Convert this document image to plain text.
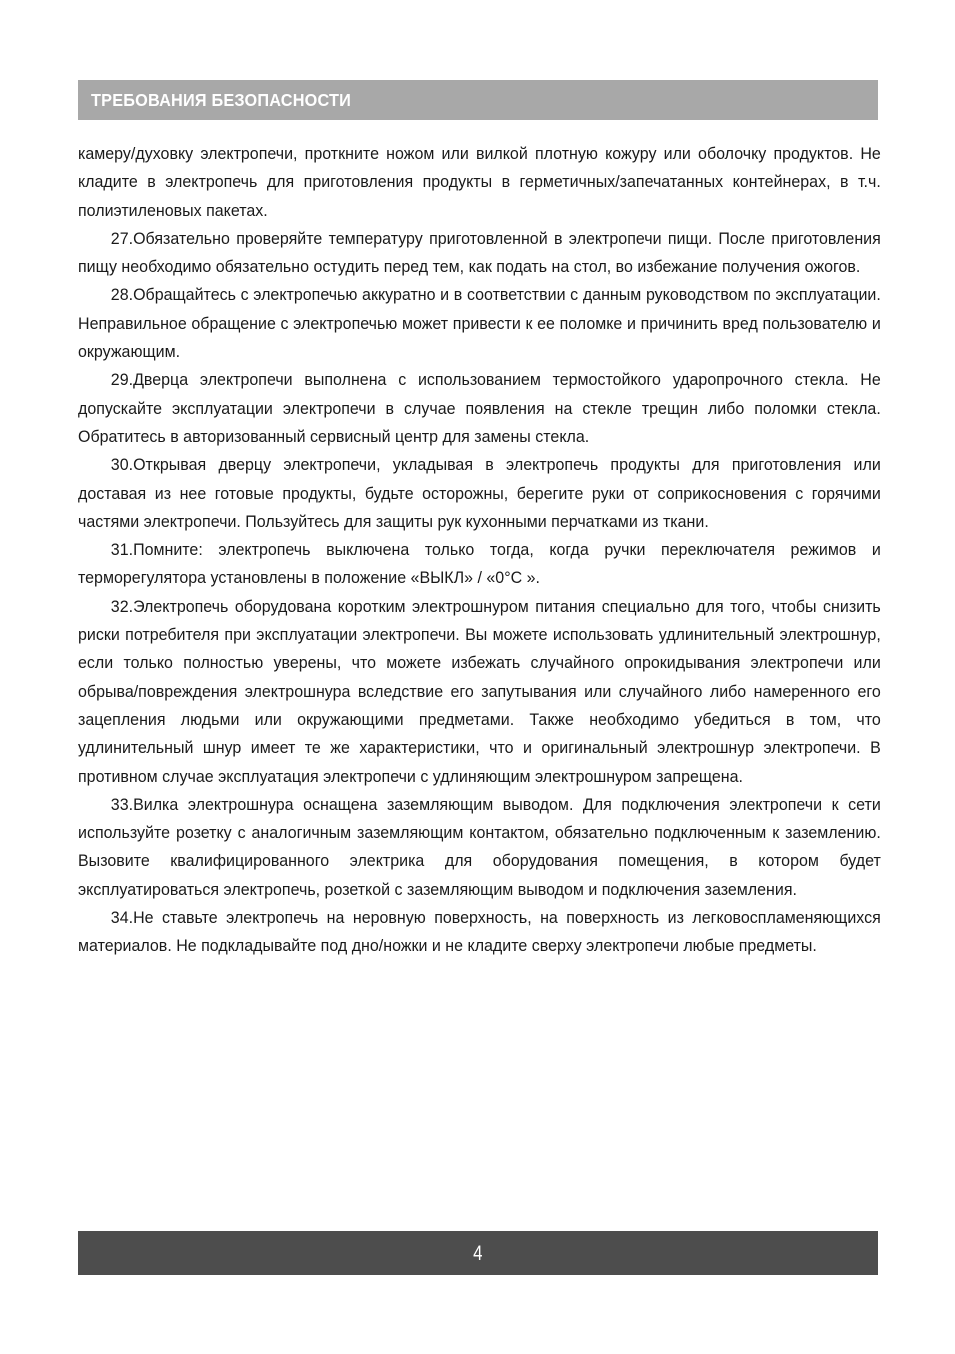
ТРЕБОВАНИЯ БЕЗОПАСНОСТИ

камеру/духовку электропечи, проткните ножом или вилкой плотную кожуру или оболочку продуктов. Не кладите в электропечь для приготовления продукты в герметичных/запечатанных контейнерах, в т.ч. полиэтиленовых пакетах.

27.Обязательно проверяйте температуру приготовленной в электропечи пищи. После приготовления пищу необходимо обязательно остудить перед тем, как подать на стол, во избежание получения ожогов.

28.Обращайтесь с электропечью аккуратно и в соответствии с данным руководством по эксплуатации. Неправильное обращение с электропечью может привести к ее поломке и причинить вред пользователю и окружающим.

29.Дверца электропечи выполнена с использованием термостойкого ударопрочного стекла. Не допускайте эксплуатации электропечи в случае появления на стекле трещин либо поломки стекла. Обратитесь в авторизованный сервисный центр для замены стекла.

30.Открывая дверцу электропечи, укладывая в электропечь продукты для приготовления или доставая из нее готовые продукты, будьте осторожны, берегите руки от соприкосновения с горячими частями электропечи. Пользуйтесь для защиты рук кухонными перчатками из ткани.

31.Помните: электропечь выключена только тогда, когда ручки переключателя режимов и терморегулятора установлены в положение «ВЫКЛ» / «0°C ».

32.Электропечь оборудована коротким электрошнуром питания специально для того, чтобы снизить риски потребителя при эксплуатации электропечи. Вы можете использовать удлинительный электрошнур, если только полностью уверены, что можете избежать случайного опрокидывания электропечи или обрыва/повреждения электрошнура вследствие его запутывания или случайного либо намеренного его зацепления людьми или окружающими предметами. Также необходимо убедиться в том, что удлинительный шнур имеет те же характеристики, что и оригинальный электрошнур электропечи. В противном случае эксплуатация электропечи с удлиняющим электрошнуром запрещена.

33.Вилка электрошнура оснащена заземляющим выводом. Для подключения электропечи к сети используйте розетку с аналогичным заземляющим контактом, обязательно подключенным к заземлению. Вызовите квалифицированного электрика для оборудования помещения, в котором будет эксплуатироваться электропечь, розеткой с заземляющим выводом и подключения заземления.

34.Не ставьте электропечь на неровную поверхность, на поверхность из легковоспламеняющихся материалов. Не подкладывайте под дно/ножки и не кладите сверху электропечи любые предметы.

4
